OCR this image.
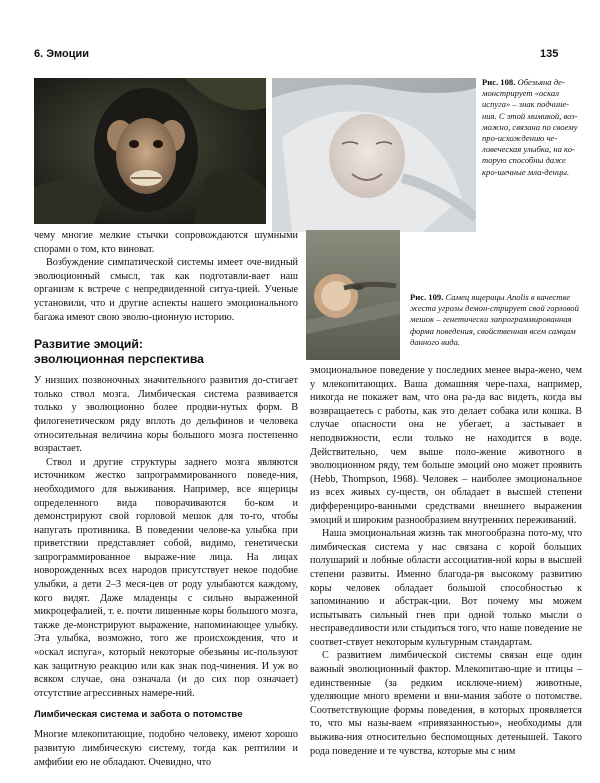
6. Эмоции	135
Рис. 108. Обезьяна де-монстрирует «оскал испуга» – знак подчине-ния. С этой мимикой, воз-можно, связана по своему про-исхождению че-ловеческая улыбка, на ко-торую способны даже кро-шечные мла-денцы.
Рис. 109. Самец ящерицы Anolis в качестве жеста угрозы демон-стрирует свой горловой мешок – генетически запрограммированная форма поведения, свойственная всем самцам данного вида.

чему многие мелкие стычки сопровождаются шумными спорами о том, кто виноват.

Возбуждение симпатической системы имеет оче-видный эволюционный смысл, так как подготавли-вает наш организм к встрече с непредвиденной ситуа-цией. Ученые установили, что и другие аспекты нашего эмоционального багажа имеют свою эволю-ционную историю.

Развитие эмоций:
эволюционная перспектива

У низших позвоночных значительного развития до-стигает только ствол мозга. Лимбическая система развивается только у эволюционно более продви-нутых форм. В филогенетическом ряду вплоть до дельфинов и человека относительная величина коры большого мозга постепенно возрастает.

Ствол и другие структуры заднего мозга являются источником жестко запрограммированного поведе-ния, необходимого для выживания. Например, все ящерицы определенного вида поворачиваются бо-ком и демонстрируют свой горловой мешок для то-го, чтобы напугать противника. В поведении челове-ка улыбка при приветствии представляет собой, видимо, генетически запрограммированное выраже-ние лица. На лицах новорожденных всех народов присутствует некое подобие улыбки, а дети 2–3 меся-цев от роду улыбаются каждому, кого видят. Даже младенцы с сильно выраженной микроцефалией, т. е. почти лишенные коры большого мозга, также де-монстрируют выражение, напоминающее улыбку. Эта улыбка, возможно, того же происхождения, что и «оскал испуга», который некоторые обезьяны ис-пользуют как защитную реакцию или как знак под-чинения. И уж во всяком случае, она означала (и до сих пор означает) отсутствие агрессивных намере-ний.

Лимбическая система и забота о потомстве

Многие млекопитающие, подобно человеку, имеют хорошо развитую лимбическую систему, тогда как рептилии и амфибии ею не обладают. Очевидно, что

эмоциональное поведение у последних менее выра-жено, чем у млекопитающих. Ваша домашняя чере-паха, например, никогда не покажет вам, что она ра-да вас видеть, когда вы возвращаетесь с работы, как это делает собака или кошка. В случае опасности она не убегает, а застывает в неподвижности, если только не находится в воде. Действительно, чем выше поло-жение животного в эволюционном ряду, тем больше эмоций оно может проявить (Hebb, Thompson, 1968). Человек – наиболее эмоциональное из всех живых су-ществ, он обладает в высшей степени дифференциро-ванными средствами внешнего выражения эмоций и широким разнообразием внутренних переживаний.

Наша эмоциональная жизнь так многообразна пото-му, что лимбическая система у нас связана с корой больших полушарий и лобные области ассоциатив-ной коры в высшей степени развиты. Именно благода-ря высокому развитию коры человек обладает большой способностью к запоминанию и абстрак-ции. Вот почему мы можем испытывать сильный гнев при одной только мысли о несправедливости или стыдиться того, что наше поведение не соответ-ствует некоторым культурным стандартам.

С развитием лимбической системы связан еще один важный эволюционный фактор. Млекопитаю-щие и птицы – единственные (за редким исключе-нием) животные, уделяющие много времени и вни-мания заботе о потомстве. Соответствующие формы поведения, в которых проявляется то, что мы назы-ваем «привязанностью», необходимы для выжива-ния относительно беспомощных детенышей. Такого рода поведение и те чувства, которые мы с ним
